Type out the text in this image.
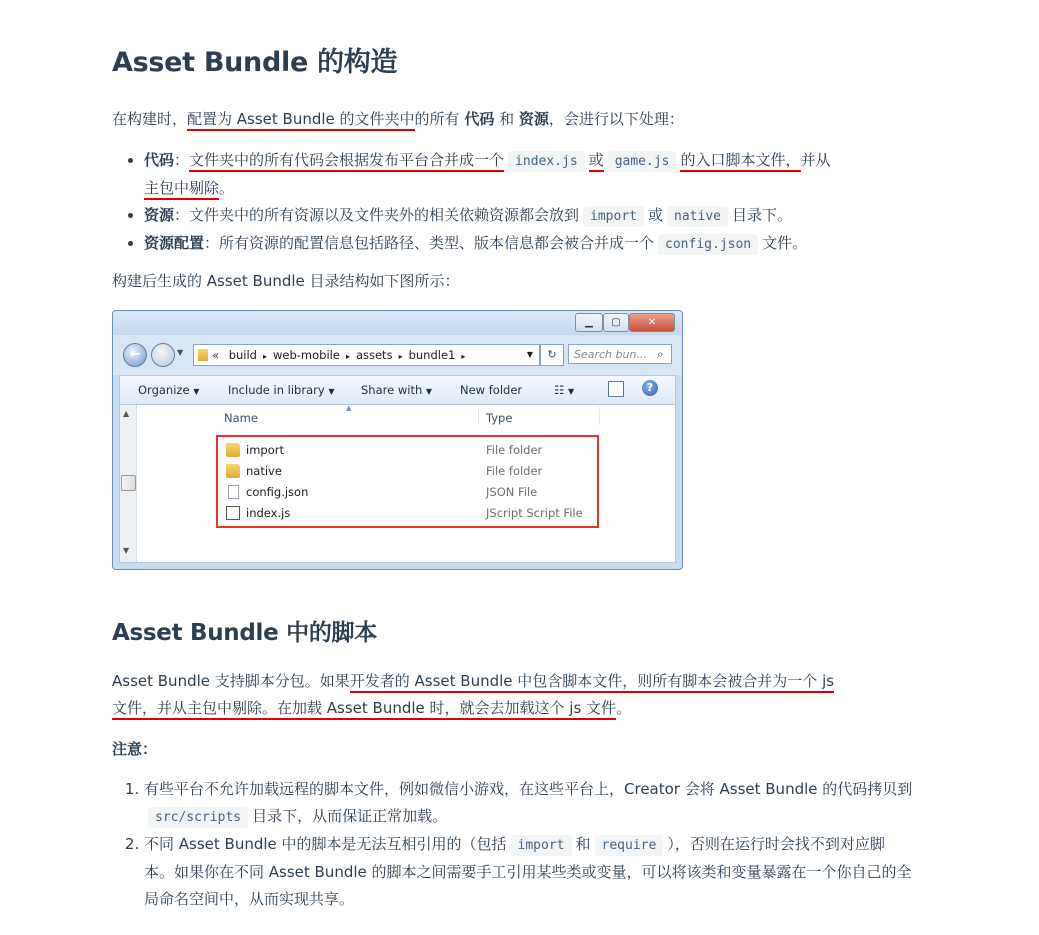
Asset Bundle 的构造

在构建时，配置为 Asset Bundle 的文件夹中的所有 代码 和 资源，会进行以下处理：

• 代码：文件夹中的所有代码会根据发布平台合并成一个 index.js 或 game.js 的入口脚本文件，并从
主包中剔除。
• 资源：文件夹中的所有资源以及文件夹外的相关依赖资源都会放到 import 或 native 目录下。
• 资源配置：所有资源的配置信息包括路径、类型、版本信息都会被合并成一个 config.json 文件。

构建后生成的 Asset Bundle 目录结构如下图所示：

Asset Bundle 中的脚本

Asset Bundle 支持脚本分包。如果开发者的 Asset Bundle 中包含脚本文件，则所有脚本会被合并为一个 js
文件，并从主包中剔除。在加载 Asset Bundle 时，就会去加载这个 js 文件。

注意：

1. 有些平台不允许加载远程的脚本文件，例如微信小游戏，在这些平台上，Creator 会将 Asset Bundle 的代码拷贝到src/scripts 目录下，从而保证正常加载。
2. 不同 Asset Bundle 中的脚本是无法互相引用的（包括 import 和 require ），否则在运行时会找不到对应脚本。如果你在不同 Asset Bundle 的脚本之间需要手工引用某些类或变量，可以将该类和变量暴露在一个你自己的全局命名空间中，从而实现共享。
▁	▢	✕
←	→	▼	« build ▸ web-mobile ▸ assets ▸ bundle1 ▸	▼	↻	Search bun... ⌕
Organize ▼ Include in library ▼ Share with ▼ New folder	☷ ▼	?
▲
▼
▲
Name	Type
import	File folder
native	File folder
config.json	JSON File
index.js	JScript Script File
